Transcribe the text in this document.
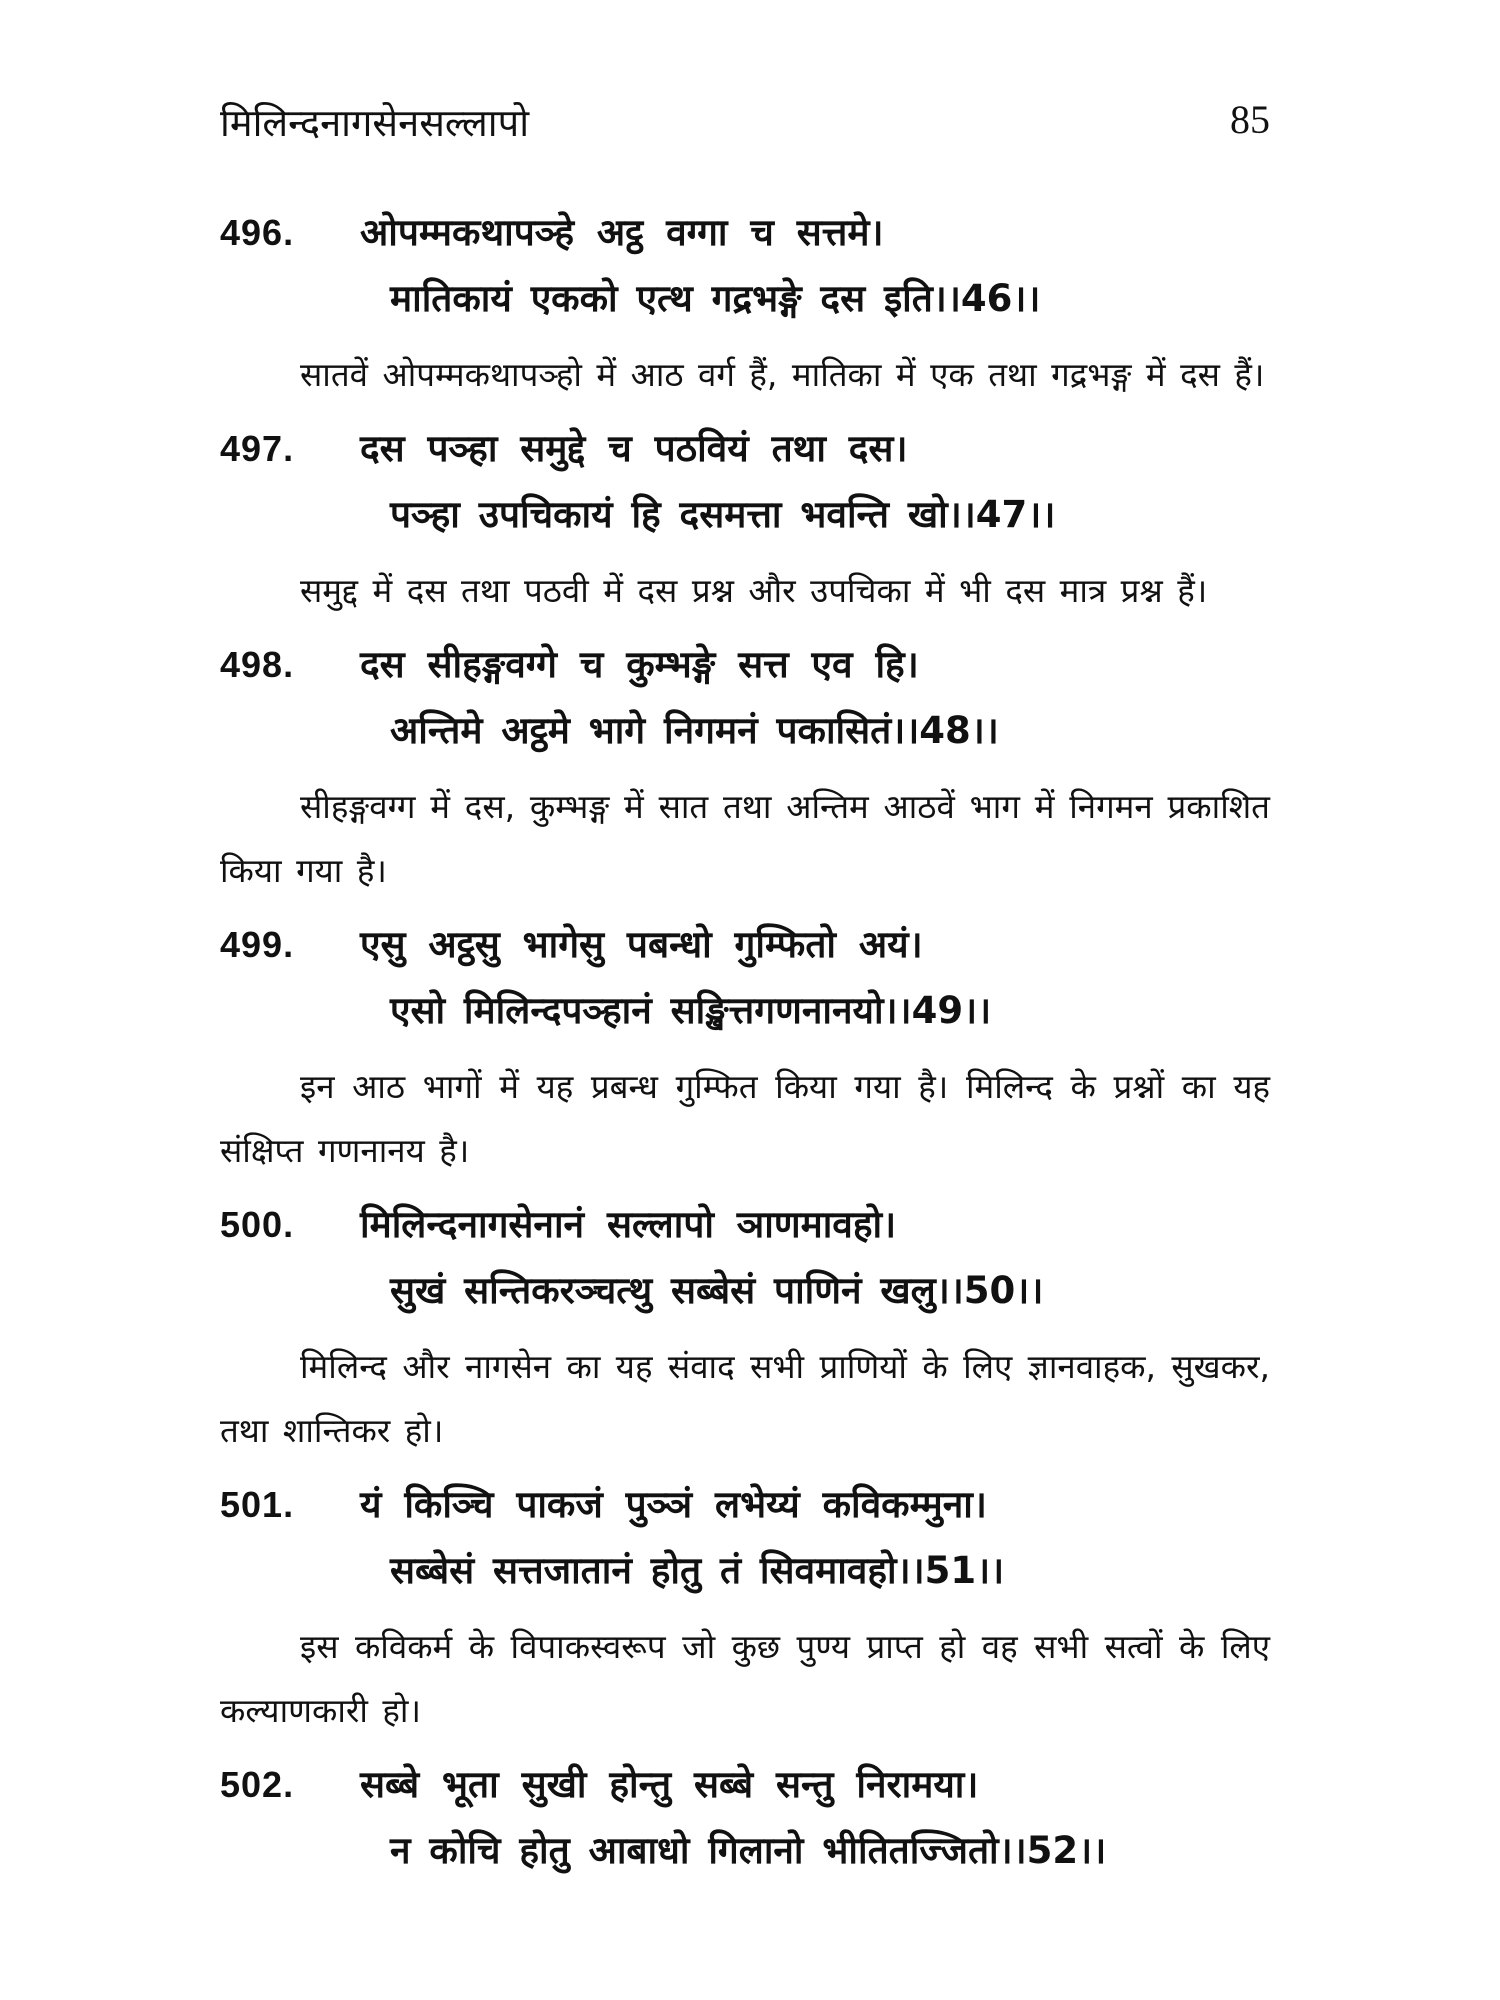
मिलिन्दनागसेनसल्लापो	85
496.	ओपम्मकथापञ्हे अट्ठ वग्गा च सत्तमे।
मातिकायं एकको एत्थ गद्रभङ्गे दस इति।।46।।

सातवें ओपम्मकथापञ्हो में आठ वर्ग हैं, मातिका में एक तथा गद्रभङ्ग में दस हैं।

497.	दस पञ्हा समुद्दे च पठवियं तथा दस।
पञ्हा उपचिकायं हि दसमत्ता भवन्ति खो।।47।।

समुद्द में दस तथा पठवी में दस प्रश्न और उपचिका में भी दस मात्र प्रश्न हैं।

498.	दस सीहङ्गवग्गे च कुम्भङ्गे सत्त एव हि।
अन्तिमे अट्ठमे भागे निगमनं पकासितं।।48।।

सीहङ्गवग्ग में दस, कुम्भङ्ग में सात तथा अन्तिम आठवें भाग में निगमन प्रकाशित किया गया है।

499.	एसु अट्ठसु भागेसु पबन्धो गुम्फितो अयं।
एसो मिलिन्दपञ्हानं सङ्खित्तगणनानयो।।49।।

इन आठ भागों में यह प्रबन्ध गुम्फित किया गया है। मिलिन्द के प्रश्नों का यह संक्षिप्त गणनानय है।

500.	मिलिन्दनागसेनानं सल्लापो ञाणमावहो।
सुखं सन्तिकरञ्चत्थु सब्बेसं पाणिनं खलु।।50।।

मिलिन्द और नागसेन का यह संवाद सभी प्राणियों के लिए ज्ञानवाहक, सुखकर, तथा शान्तिकर हो।

501.	यं किञ्चि पाकजं पुञ्ञं लभेय्यं कविकम्मुना।
सब्बेसं सत्तजातानं होतु तं सिवमावहो।।51।।

इस कविकर्म के विपाकस्वरूप जो कुछ पुण्य प्राप्त हो वह सभी सत्वों के लिए कल्याणकारी हो।

502.	सब्बे भूता सुखी होन्तु सब्बे सन्तु निरामया।
न कोचि होतु आबाधो गिलानो भीतितज्जितो।।52।।
